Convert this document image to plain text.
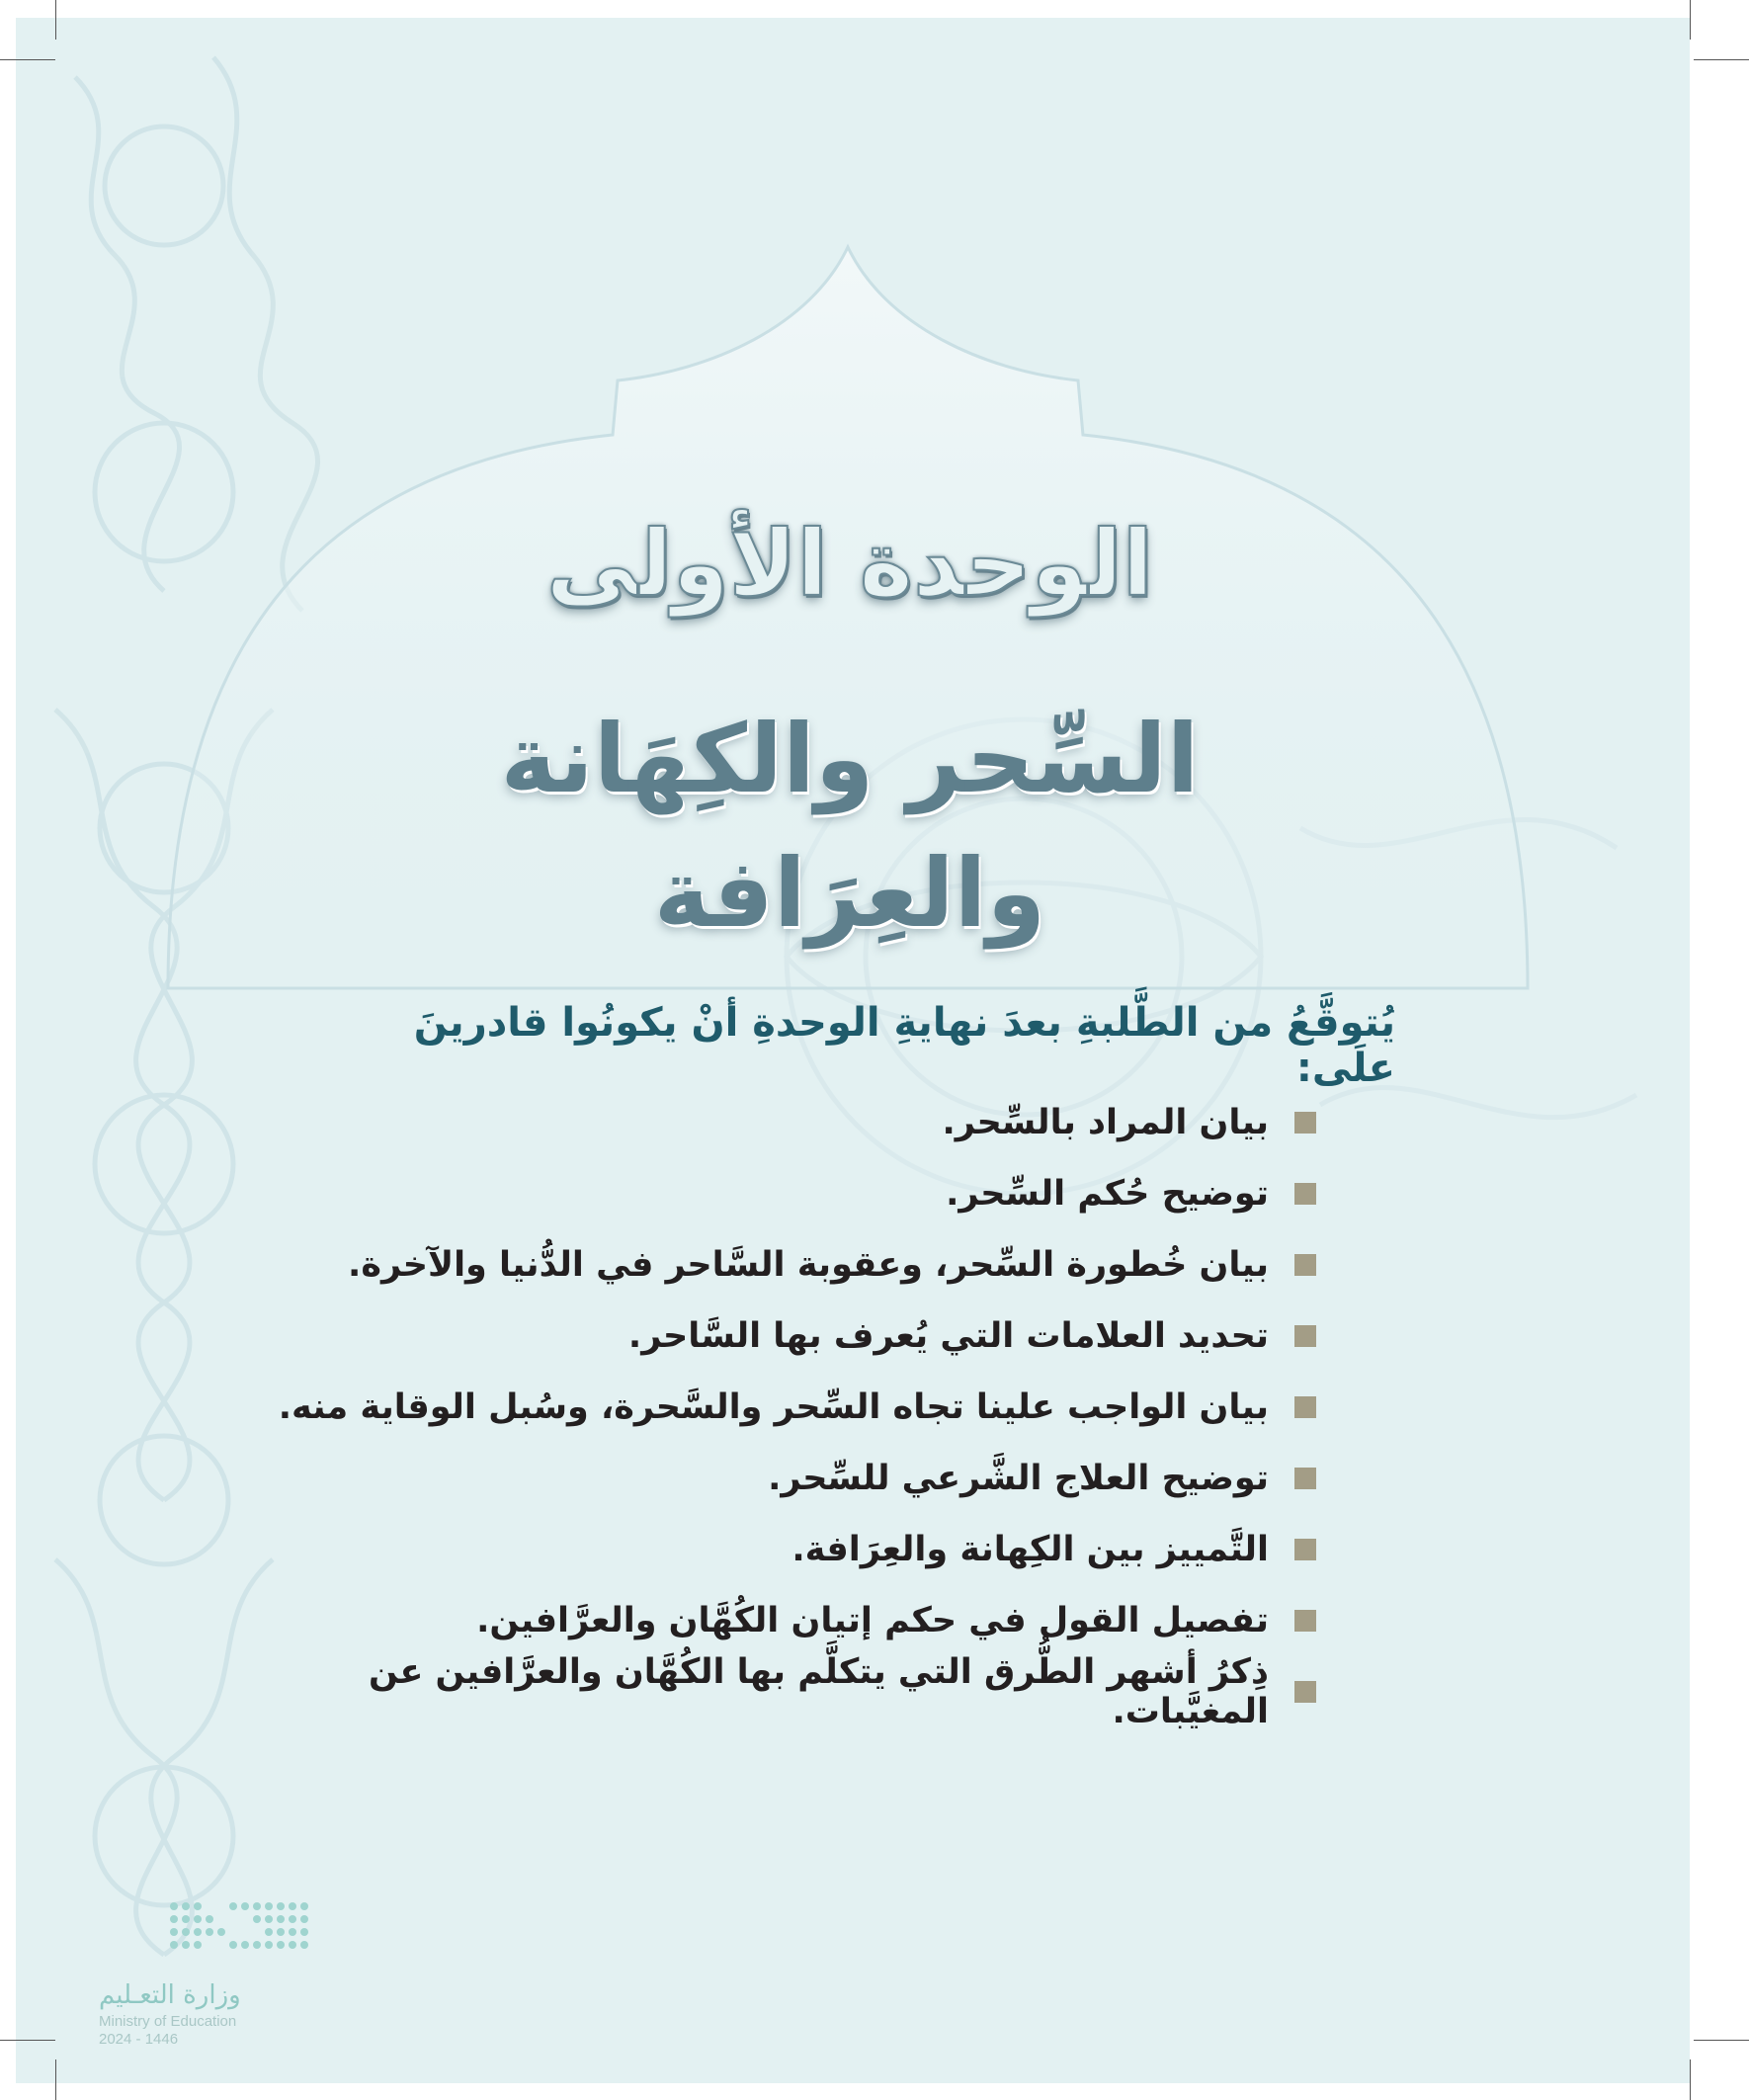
الوحدة الأولى
السِّحر والكِهَانة
والعِرَافة
يُتوقَّعُ من الطَّلبةِ بعدَ نهايةِ الوحدةِ أنْ يكونُوا قادرينَ علَى:
بيان المراد بالسِّحر.
توضيح حُكم السِّحر.
بيان خُطورة السِّحر، وعقوبة السَّاحر في الدُّنيا والآخرة.
تحديد العلامات التي يُعرف بها السَّاحر.
بيان الواجب علينا تجاه السِّحر والسَّحرة، وسُبل الوقاية منه.
توضيح العلاج الشَّرعي للسِّحر.
التَّمييز بين الكِهانة والعِرَافة.
تفصيل القول في حكم إتيان الكُهَّان والعرَّافين.
ذِكرُ أشهر الطُّرق التي يتكلَّم بها الكُهَّان والعرَّافين عن المغيَّبات.
وزارة التعـليم
Ministry of Education
2024 - 1446
